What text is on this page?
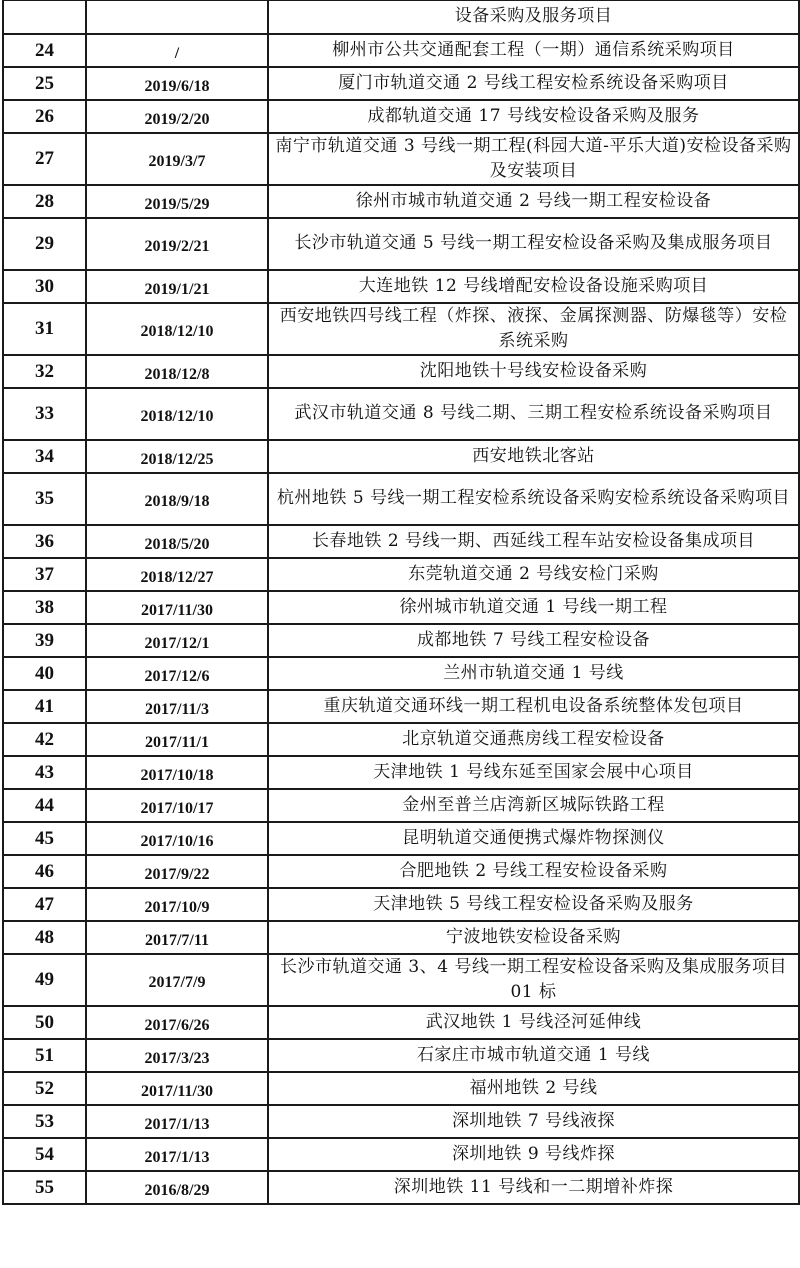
		设备采购及服务项目
24	/	柳州市公共交通配套工程（一期）通信系统采购项目
25	2019/6/18	厦门市轨道交通 2 号线工程安检系统设备采购项目
26	2019/2/20	成都轨道交通 17 号线安检设备采购及服务
27	2019/3/7	南宁市轨道交通 3 号线一期工程(科园大道-平乐大道)安检设备采购及安装项目
28	2019/5/29	徐州市城市轨道交通 2 号线一期工程安检设备
29	2019/2/21	长沙市轨道交通 5 号线一期工程安检设备采购及集成服务项目
30	2019/1/21	大连地铁 12 号线增配安检设备设施采购项目
31	2018/12/10	西安地铁四号线工程（炸探、液探、金属探测器、防爆毯等）安检系统采购
32	2018/12/8	沈阳地铁十号线安检设备采购
33	2018/12/10	武汉市轨道交通 8 号线二期、三期工程安检系统设备采购项目
34	2018/12/25	西安地铁北客站
35	2018/9/18	杭州地铁 5 号线一期工程安检系统设备采购安检系统设备采购项目
36	2018/5/20	长春地铁 2 号线一期、西延线工程车站安检设备集成项目
37	2018/12/27	东莞轨道交通 2 号线安检门采购
38	2017/11/30	徐州城市轨道交通 1 号线一期工程
39	2017/12/1	成都地铁 7 号线工程安检设备
40	2017/12/6	兰州市轨道交通 1 号线
41	2017/11/3	重庆轨道交通环线一期工程机电设备系统整体发包项目
42	2017/11/1	北京轨道交通燕房线工程安检设备
43	2017/10/18	天津地铁 1 号线东延至国家会展中心项目
44	2017/10/17	金州至普兰店湾新区城际铁路工程
45	2017/10/16	昆明轨道交通便携式爆炸物探测仪
46	2017/9/22	合肥地铁 2 号线工程安检设备采购
47	2017/10/9	天津地铁 5 号线工程安检设备采购及服务
48	2017/7/11	宁波地铁安检设备采购
49	2017/7/9	长沙市轨道交通 3、4 号线一期工程安检设备采购及集成服务项目 01 标
50	2017/6/26	武汉地铁 1 号线泾河延伸线
51	2017/3/23	石家庄市城市轨道交通 1 号线
52	2017/11/30	福州地铁 2 号线
53	2017/1/13	深圳地铁 7 号线液探
54	2017/1/13	深圳地铁 9 号线炸探
55	2016/8/29	深圳地铁 11 号线和一二期增补炸探
